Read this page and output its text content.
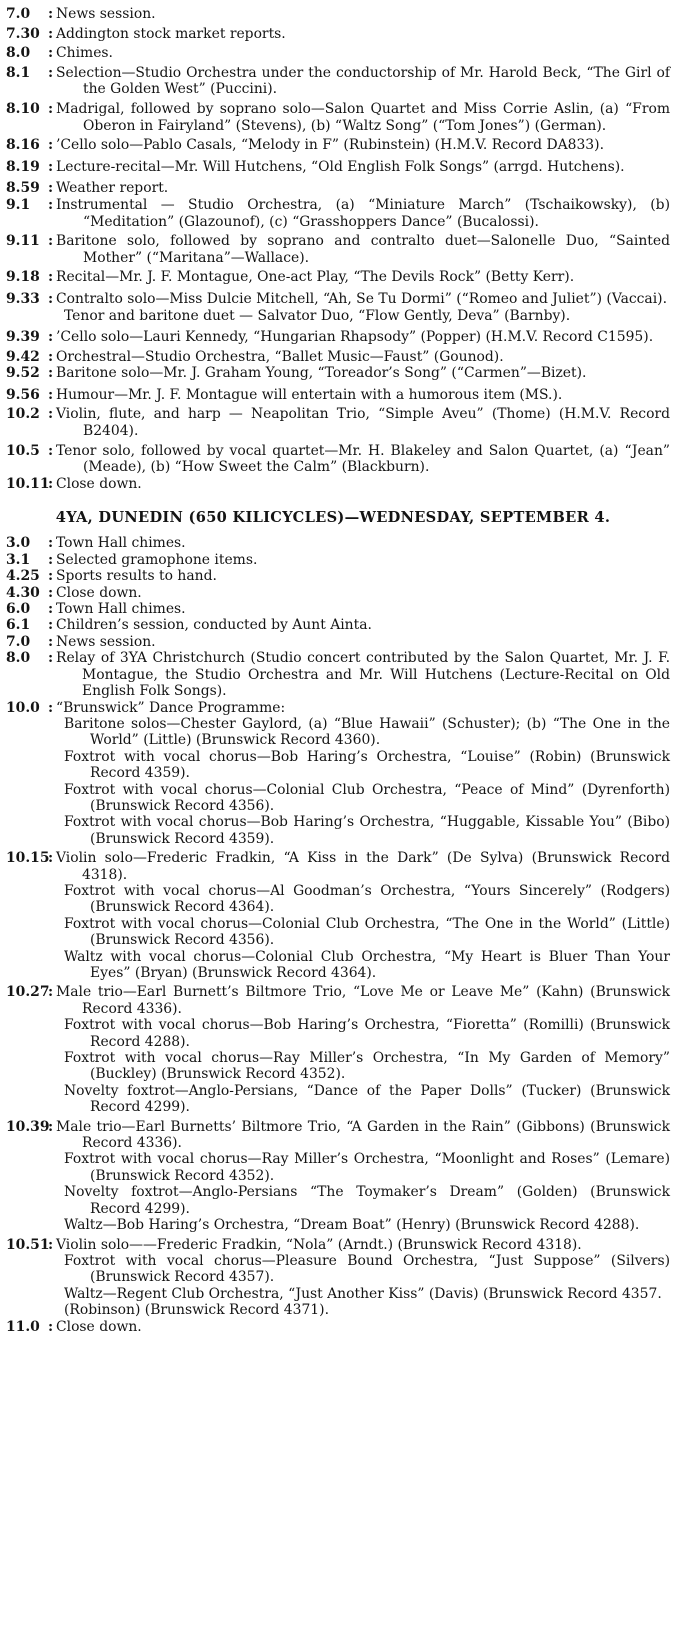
7.0 : News session.
7.30 : Addington stock market reports.
8.0 : Chimes.
8.1 : Selection—Studio Orchestra under the conductorship of Mr. Harold Beck, “The Girl of the Golden West” (Puccini).
8.10 : Madrigal, followed by soprano solo—Salon Quartet and Miss Corrie Aslin, (a) “From Oberon in Fairyland” (Stevens), (b) “Waltz Song” (“Tom Jones”) (German).
8.16 : ’Cello solo—Pablo Casals, “Melody in F” (Rubinstein) (H.M.V. Record DA833).
8.19 : Lecture-recital—Mr. Will Hutchens, “Old English Folk Songs” (arrgd. Hutchens).
8.59 : Weather report.
9.1 : Instrumental — Studio Orchestra, (a) “Miniature March” (Tschaikowsky), (b) “Meditation” (Glazounof), (c) “Grasshoppers Dance” (Bucalossi).
9.11 : Baritone solo, followed by soprano and contralto duet—Salonelle Duo, “Sainted Mother” (“Maritana”—Wallace).
9.18 : Recital—Mr. J. F. Montague, One-act Play, “The Devils Rock” (Betty Kerr).
9.33 : Contralto solo—Miss Dulcie Mitchell, “Ah, Se Tu Dormi” (“Romeo and Juliet”) (Vaccai).
Tenor and baritone duet — Salvator Duo, “Flow Gently, Deva” (Barnby).
9.39 : ’Cello solo—Lauri Kennedy, “Hungarian Rhapsody” (Popper) (H.M.V. Record C1595).
9.42 : Orchestral—Studio Orchestra, “Ballet Music—Faust” (Gounod).
9.52 : Baritone solo—Mr. J. Graham Young, “Toreador’s Song” (“Carmen”—Bizet).
9.56 : Humour—Mr. J. F. Montague will entertain with a humorous item (MS.).
10.2 : Violin, flute, and harp — Neapolitan Trio, “Simple Aveu” (Thome) (H.M.V. Record B2404).
10.5 : Tenor solo, followed by vocal quartet—Mr. H. Blakeley and Salon Quartet, (a) “Jean” (Meade), (b) “How Sweet the Calm” (Blackburn).
10.11
: Close down.
4YA, DUNEDIN (650 KILICYCLES)—WEDNESDAY, SEPTEMBER 4.
3.0 : Town Hall chimes.
3.1 : Selected gramophone items.
4.25 : Sports results to hand.
4.30 : Close down.
6.0 : Town Hall chimes.
6.1 : Children’s session, conducted by Aunt Ainta.
7.0 : News session.
8.0 : Relay of 3YA Christchurch (Studio concert contributed by the Salon Quartet, Mr. J. F. Montague, the Studio Orchestra and Mr. Will Hutchens (Lecture-Recital on Old English Folk Songs).
10.0 : “Brunswick” Dance Programme:
Baritone solos—Chester Gaylord, (a) “Blue Hawaii” (Schuster); (b) “The One in the World” (Little) (Brunswick Record 4360).
Foxtrot with vocal chorus—Bob Haring’s Orchestra, “Louise” (Robin) (Brunswick Record 4359).
Foxtrot with vocal chorus—Colonial Club Orchestra, “Peace of Mind” (Dyrenforth) (Brunswick Record 4356).
Foxtrot with vocal chorus—Bob Haring’s Orchestra, “Huggable, Kissable You” (Bibo) (Brunswick Record 4359).
10.15
: Violin solo—Frederic Fradkin, “A Kiss in the Dark” (De Sylva) (Brunswick Record 4318).
Foxtrot with vocal chorus—Al Goodman’s Orchestra, “Yours Sincerely” (Rodgers) (Brunswick Record 4364).
Foxtrot with vocal chorus—Colonial Club Orchestra, “The One in the World” (Little) (Brunswick Record 4356).
Waltz with vocal chorus—Colonial Club Orchestra, “My Heart is Bluer Than Your Eyes” (Bryan) (Brunswick Record 4364).
10.27
: Male trio—Earl Burnett’s Biltmore Trio, “Love Me or Leave Me” (Kahn) (Brunswick Record 4336).
Foxtrot with vocal chorus—Bob Haring’s Orchestra, “Fioretta” (Romilli) (Brunswick Record 4288).
Foxtrot with vocal chorus—Ray Miller’s Orchestra, “In My Garden of Memory” (Buckley) (Brunswick Record 4352).
Novelty foxtrot—Anglo-Persians, “Dance of the Paper Dolls” (Tucker) (Brunswick Record 4299).
10.39
: Male trio—Earl Burnetts’ Biltmore Trio, “A Garden in the Rain” (Gibbons) (Brunswick Record 4336).
Foxtrot with vocal chorus—Ray Miller’s Orchestra, “Moonlight and Roses” (Lemare) (Brunswick Record 4352).
Novelty foxtrot—Anglo-Persians “The Toymaker’s Dream” (Golden) (Brunswick Record 4299).
Waltz—Bob Haring’s Orchestra, “Dream Boat” (Henry) (Brunswick Record 4288).
10.51
: Violin solo——Frederic Fradkin, “Nola” (Arndt.) (Brunswick Record 4318).
Foxtrot with vocal chorus—Pleasure Bound Orchestra, “Just Suppose” (Silvers) (Brunswick Record 4357).
Waltz—Regent Club Orchestra, “Just Another Kiss” (Davis) (Brunswick Record 4357.
(Robinson) (Brunswick Record 4371).
11.0 : Close down.
